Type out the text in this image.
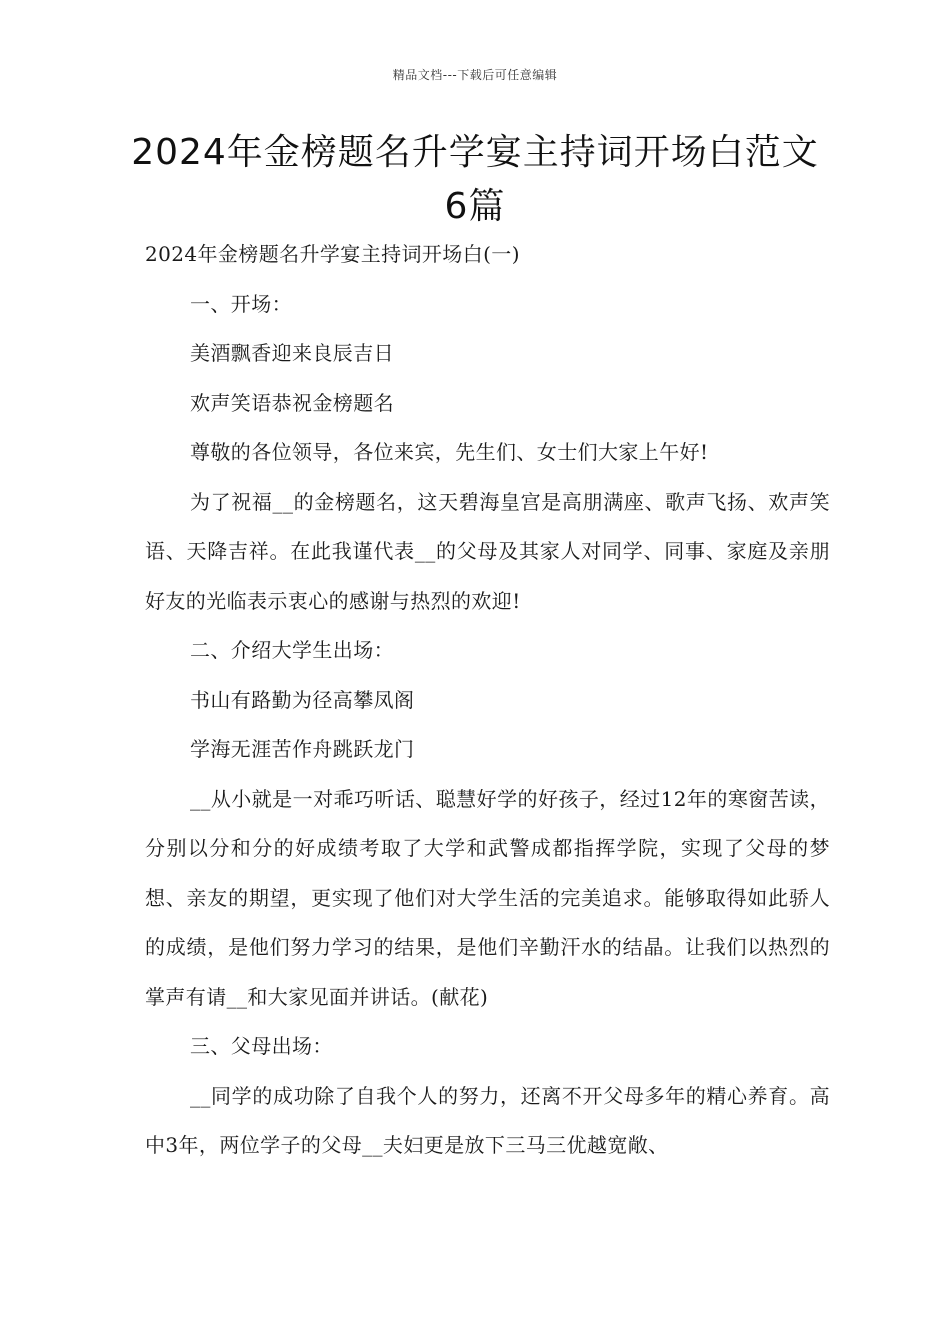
精品文档---下载后可任意编辑
2024年金榜题名升学宴主持词开场白范文6篇

2024年金榜题名升学宴主持词开场白(一)

一、开场：

美酒飘香迎来良辰吉日

欢声笑语恭祝金榜题名

尊敬的各位领导，各位来宾，先生们、女士们大家上午好!

为了祝福__的金榜题名，这天碧海皇宫是高朋满座、歌声飞扬、欢声笑语、天降吉祥。在此我谨代表__的父母及其家人对同学、同事、家庭及亲朋好友的光临表示衷心的感谢与热烈的欢迎!

二、介绍大学生出场：

书山有路勤为径高攀凤阁

学海无涯苦作舟跳跃龙门

__从小就是一对乖巧听话、聪慧好学的好孩子，经过12年的寒窗苦读，分别以分和分的好成绩考取了大学和武警成都指挥学院，实现了父母的梦想、亲友的期望，更实现了他们对大学生活的完美追求。能够取得如此骄人的成绩，是他们努力学习的结果，是他们辛勤汗水的结晶。让我们以热烈的掌声有请__和大家见面并讲话。(献花)

三、父母出场：

__同学的成功除了自我个人的努力，还离不开父母多年的精心养育。高中3年，两位学子的父母__夫妇更是放下三马三优越宽敞、
